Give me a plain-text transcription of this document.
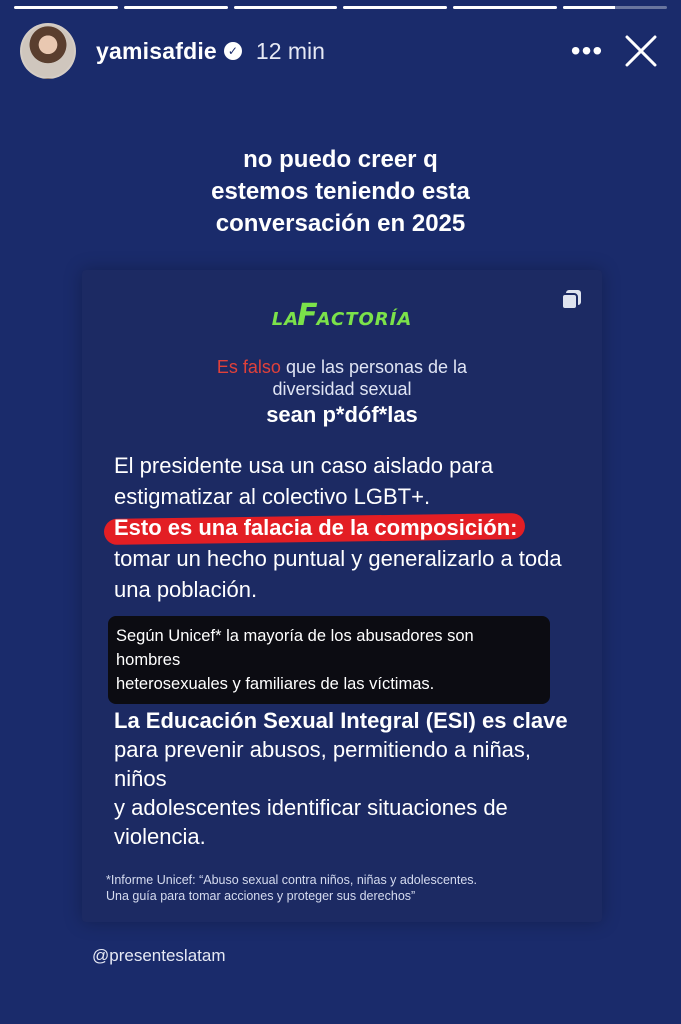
yamisafdie ✓ 12 min	•••
no puedo creer q
estemos teniendo esta
conversación en 2025
LAFACTORÍA
Es falso que las personas de la
diversidad sexual
sean p*dóf*las
El presidente usa un caso aislado para
estigmatizar al colectivo LGBT+.
Esto es una falacia de la composición:
tomar un hecho puntual y generalizarlo a toda
una población.
Según Unicef* la mayoría de los abusadores son hombres
heterosexuales y familiares de las víctimas.
La Educación Sexual Integral (ESI) es clave
para prevenir abusos, permitiendo a niñas, niños
y adolescentes identificar situaciones de
violencia.
*Informe Unicef: “Abuso sexual contra niños, niñas y adolescentes.
Una guía para tomar acciones y proteger sus derechos”
@presenteslatam
